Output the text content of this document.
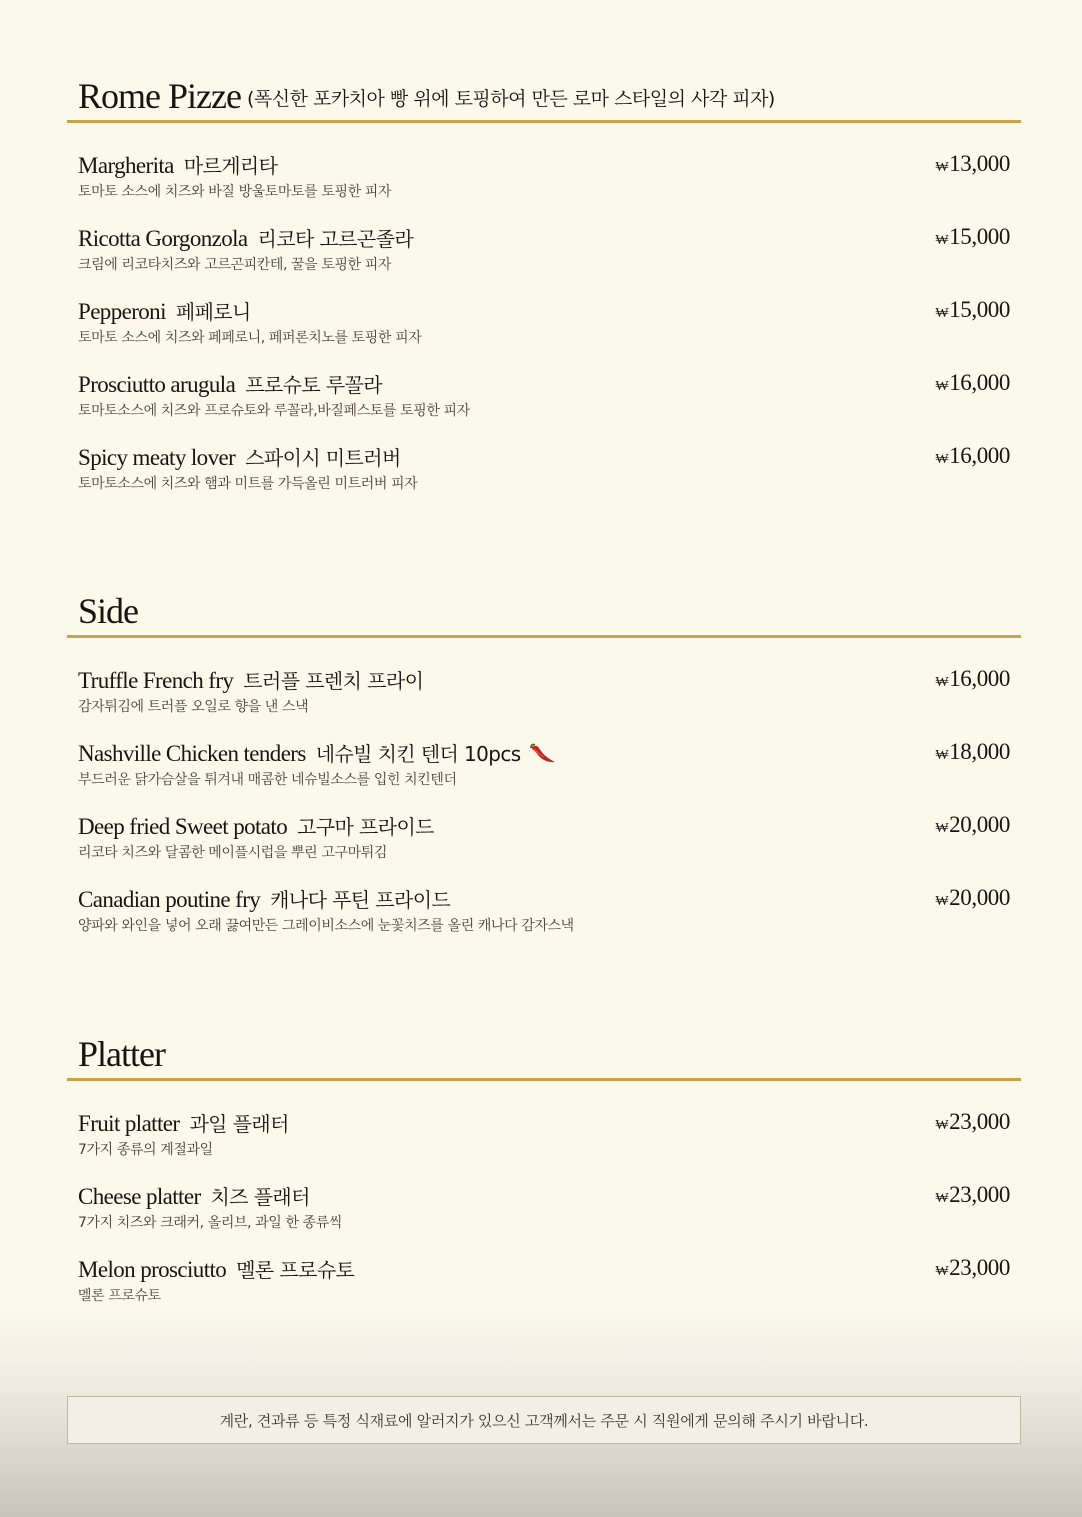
Rome Pizze (폭신한 포카치아 빵 위에 토핑하여 만든 로마 스타일의 사각 피자)
Margherita 마르게리타
토마토 소스에 치즈와 바질 방울토마토를 토핑한 피자
₩13,000
Ricotta Gorgonzola 리코타 고르곤졸라
크림에 리코타치즈와 고르곤피칸테, 꿀을 토핑한 피자
₩15,000
Pepperoni 페페로니
토마토 소스에 치즈와 페페로니, 페퍼론치노를 토핑한 피자
₩15,000
Prosciutto arugula 프로슈토 루꼴라
토마토소스에 치즈와 프로슈토와 루꼴라,바질페스토를 토핑한 피자
₩16,000
Spicy meaty lover 스파이시 미트러버
토마토소스에 치즈와 햄과 미트를 가득올린 미트러버 피자
₩16,000
Side
Truffle French fry 트러플 프렌치 프라이
감자튀김에 트러플 오일로 향을 낸 스낵
₩16,000
Nashville Chicken tenders 네슈빌 치킨 텐더 10pcs
부드러운 닭가슴살을 튀겨내 매콤한 네슈빌소스를 입힌 치킨텐더
₩18,000
Deep fried Sweet potato 고구마 프라이드
리코타 치즈와 달콤한 메이플시럽을 뿌린 고구마튀김
₩20,000
Canadian poutine fry 캐나다 푸틴 프라이드
양파와 와인을 넣어 오래 끓여만든 그레이비소스에 눈꽃치즈를 올린 캐나다 감자스낵
₩20,000
Platter
Fruit platter 과일 플래터
7가지 종류의 계절과일
₩23,000
Cheese platter 치즈 플래터
7가지 치즈와 크래커, 올리브, 과일 한 종류씩
₩23,000
Melon prosciutto 멜론 프로슈토
멜론 프로슈토
₩23,000
계란, 견과류 등 특정 식재료에 알러지가 있으신 고객께서는 주문 시 직원에게 문의해 주시기 바랍니다.
